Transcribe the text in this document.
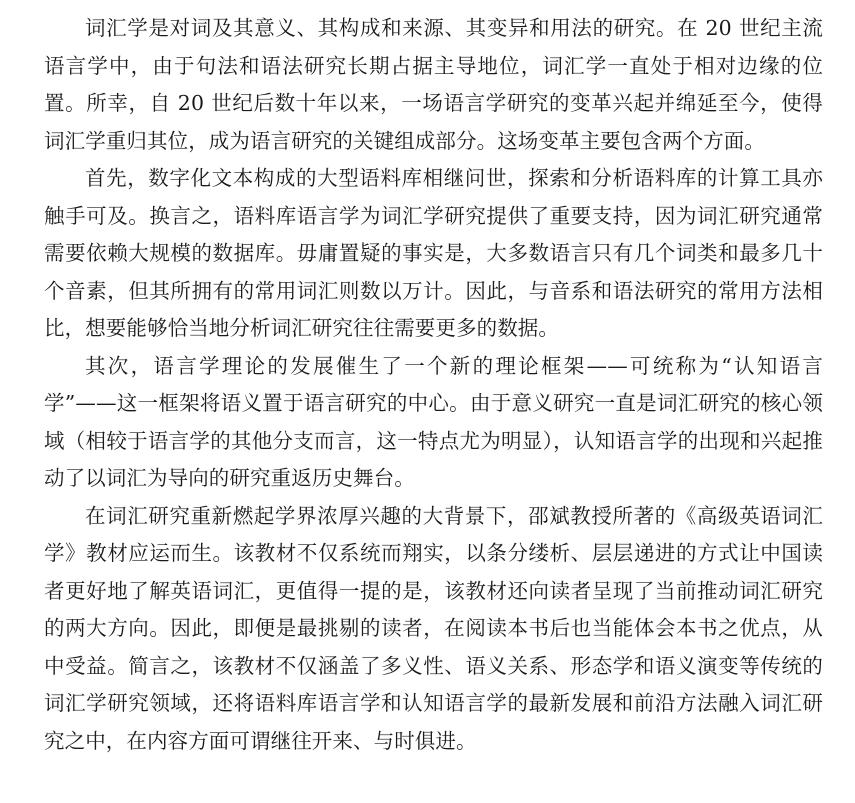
词汇学是对词及其意义、其构成和来源、其变异和用法的研究。在 20 世纪主流语言学中，由于句法和语法研究长期占据主导地位，词汇学一直处于相对边缘的位置。所幸，自 20 世纪后数十年以来，一场语言学研究的变革兴起并绵延至今，使得词汇学重归其位，成为语言研究的关键组成部分。这场变革主要包含两个方面。

首先，数字化文本构成的大型语料库相继问世，探索和分析语料库的计算工具亦触手可及。换言之，语料库语言学为词汇学研究提供了重要支持，因为词汇研究通常需要依赖大规模的数据库。毋庸置疑的事实是，大多数语言只有几个词类和最多几十个音素，但其所拥有的常用词汇则数以万计。因此，与音系和语法研究的常用方法相比，想要能够恰当地分析词汇研究往往需要更多的数据。

其次，语言学理论的发展催生了一个新的理论框架——可统称为“认知语言学”——这一框架将语义置于语言研究的中心。由于意义研究一直是词汇研究的核心领域（相较于语言学的其他分支而言，这一特点尤为明显），认知语言学的出现和兴起推动了以词汇为导向的研究重返历史舞台。

在词汇研究重新燃起学界浓厚兴趣的大背景下，邵斌教授所著的《高级英语词汇学》教材应运而生。该教材不仅系统而翔实，以条分缕析、层层递进的方式让中国读者更好地了解英语词汇，更值得一提的是，该教材还向读者呈现了当前推动词汇研究的两大方向。因此，即便是最挑剔的读者，在阅读本书后也当能体会本书之优点，从中受益。简言之，该教材不仅涵盖了多义性、语义关系、形态学和语义演变等传统的词汇学研究领域，还将语料库语言学和认知语言学的最新发展和前沿方法融入词汇研究之中，在内容方面可谓继往开来、与时俱进。
